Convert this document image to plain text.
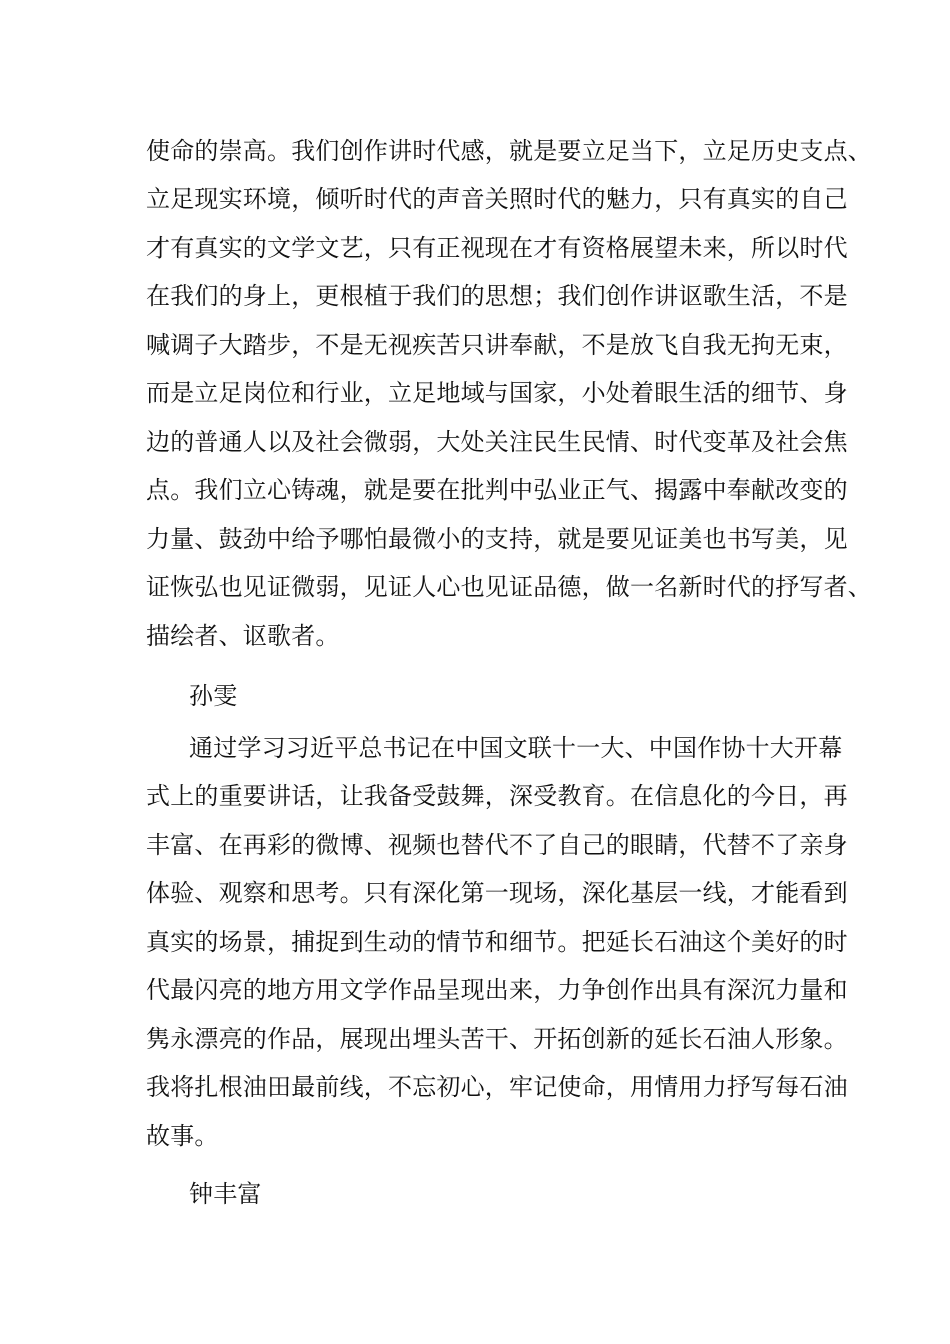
使命的崇高。我们创作讲时代感，就是要立足当下，立足历史支点、
立足现实环境，倾听时代的声音关照时代的魅力，只有真实的自己
才有真实的文学文艺，只有正视现在才有资格展望未来，所以时代
在我们的身上，更根植于我们的思想；我们创作讲讴歌生活，不是
喊调子大踏步，不是无视疾苦只讲奉献，不是放飞自我无拘无束，
而是立足岗位和行业，立足地域与国家，小处着眼生活的细节、身
边的普通人以及社会微弱，大处关注民生民情、时代变革及社会焦
点。我们立心铸魂，就是要在批判中弘业正气、揭露中奉献改变的
力量、鼓劲中给予哪怕最微小的支持，就是要见证美也书写美，见
证恢弘也见证微弱，见证人心也见证品德，做一名新时代的抒写者、
描绘者、讴歌者。
孙雯
通过学习习近平总书记在中国文联十一大、中国作协十大开幕
式上的重要讲话，让我备受鼓舞，深受教育。在信息化的今日，再
丰富、在再彩的微博、视频也替代不了自己的眼睛，代替不了亲身
体验、观察和思考。只有深化第一现场，深化基层一线，才能看到
真实的场景，捕捉到生动的情节和细节。把延长石油这个美好的时
代最闪亮的地方用文学作品呈现出来，力争创作出具有深沉力量和
隽永漂亮的作品，展现出埋头苦干、开拓创新的延长石油人形象。
我将扎根油田最前线，不忘初心，牢记使命，用情用力抒写每石油
故事。
钟丰富
